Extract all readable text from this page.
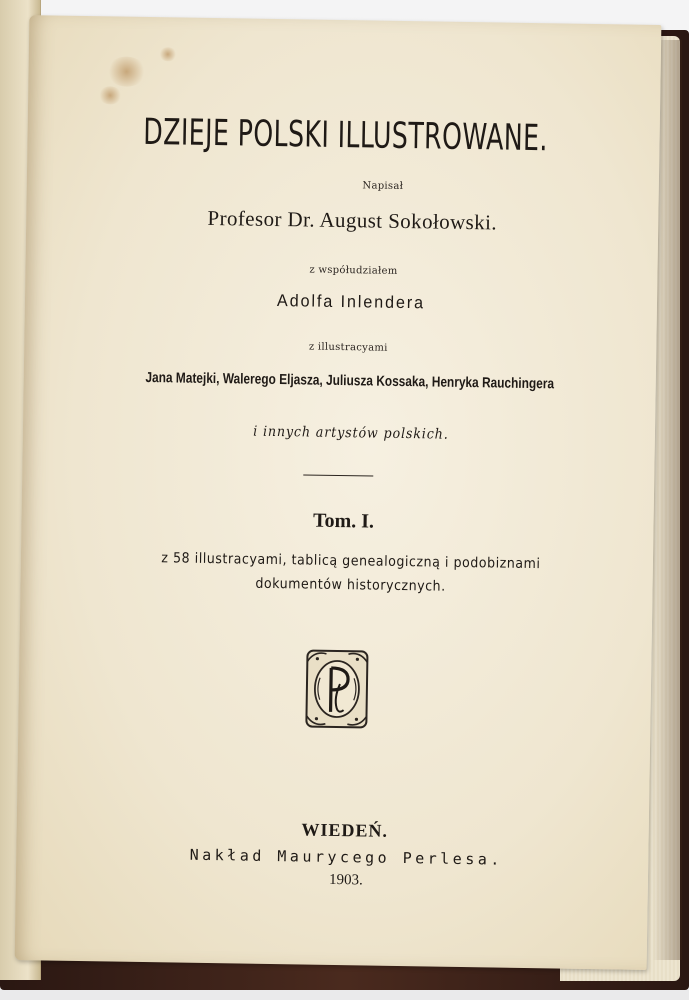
DZIEJE POLSKI ILLUSTROWANE.
Napisał
Profesor Dr. August Sokołowski.
z współudziałem
Adolfa Inlendera
z illustracyami
Jana Matejki, Walerego Eljasza, Juliusza Kossaka, Henryka Rauchingera
i innych artystów polskich.
Tom. I.
z 58 illustracyami, tablicą genealogiczną i podobiznami
dokumentów historycznych.
WIEDEŃ.
Nakład Maurycego Perlesa.
1903.
